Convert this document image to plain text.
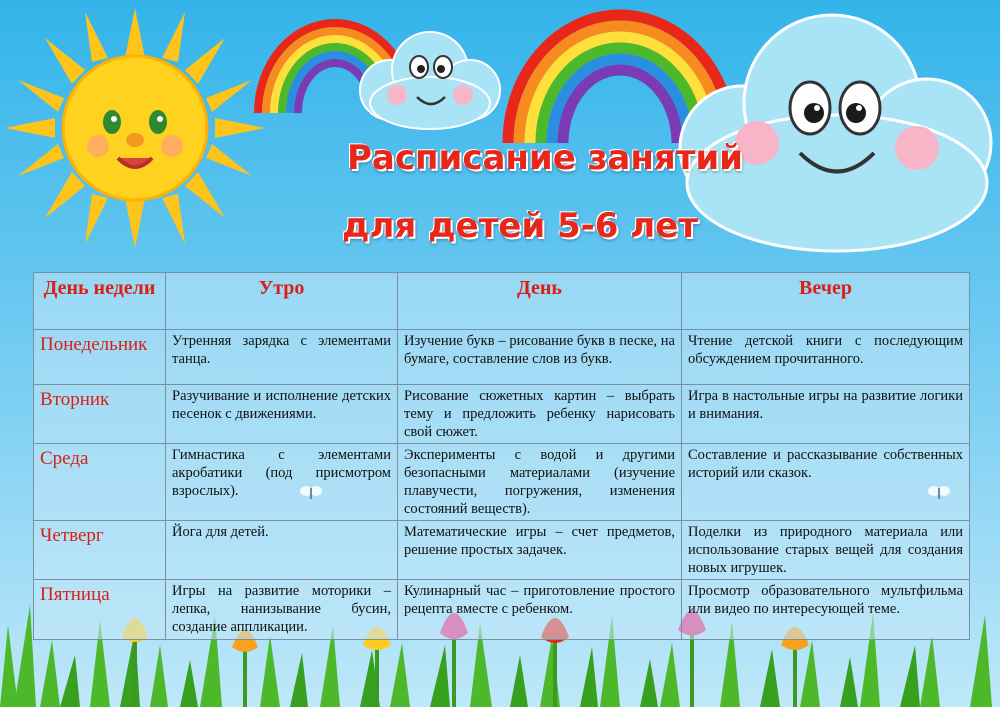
Расписание занятий
для детей 5-6 лет
День недели	Утро	День	Вечер
Понедельник	Утренняя зарядка с элементами танца.	Изучение букв – рисование букв в песке, на бумаге, составление слов из букв.	Чтение детской книги с последующим обсуждением прочитанного.
Вторник	Разучивание и исполнение детских песенок с движениями.	Рисование сюжетных картин – выбрать тему и предложить ребенку нарисовать свой сюжет.	Игра в настольные игры на развитие логики и внимания.
Среда	Гимнастика с элементами акробатики (под присмотром взрослых).	Эксперименты с водой и другими безопасными материалами (изучение плавучести, погружения, изменения состояний веществ).	Составление и рассказывание собственных историй или сказок.
Четверг	Йога для детей.	Математические игры – счет предметов, решение простых задачек.	Поделки из природного материала или использование старых вещей для создания новых игрушек.
Пятница	Игры на развитие моторики – лепка, нанизывание бусин, создание аппликации.	Кулинарный час – приготовление простого рецепта вместе с ребенком.	Просмотр образовательного мультфильма или видео по интересующей теме.
